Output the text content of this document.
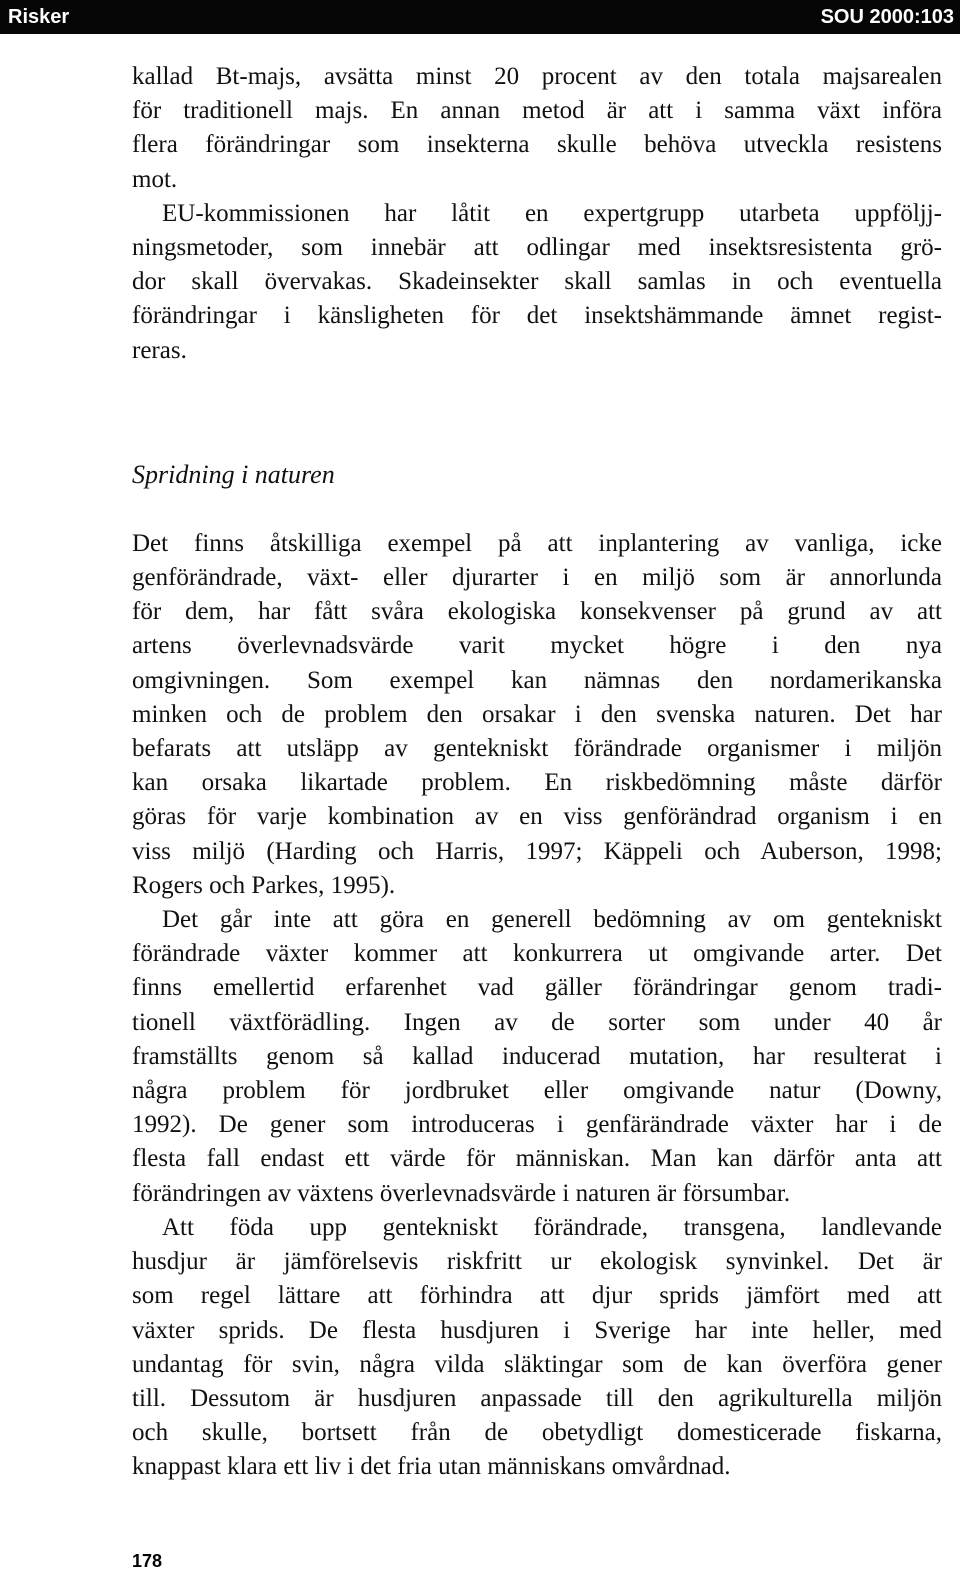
Risker	SOU 2000:103
kallad Bt-majs, avsätta minst 20 procent av den totala majsarealen
för traditionell majs. En annan metod är att i samma växt införa
flera förändringar som insekterna skulle behöva utveckla resistens
mot.
EU-kommissionen har låtit en expertgrupp utarbeta uppföljj-
ningsmetoder, som innebär att odlingar med insektsresistenta grö-
dor skall övervakas. Skadeinsekter skall samlas in och eventuella
förändringar i känsligheten för det insektshämmande ämnet regist-
reras.
Spridning i naturen
Det finns åtskilliga exempel på att inplantering av vanliga, icke
genförändrade, växt- eller djurarter i en miljö som är annorlunda
för dem, har fått svåra ekologiska konsekvenser på grund av att
artens överlevnadsvärde varit mycket högre i den nya
omgivningen. Som exempel kan nämnas den nordamerikanska
minken och de problem den orsakar i den svenska naturen. Det har
befarats att utsläpp av gentekniskt förändrade organismer i miljön
kan orsaka likartade problem. En riskbedömning måste därför
göras för varje kombination av en viss genförändrad organism i en
viss miljö (Harding och Harris, 1997; Käppeli och Auberson, 1998;
Rogers och Parkes, 1995).
Det går inte att göra en generell bedömning av om gentekniskt
förändrade växter kommer att konkurrera ut omgivande arter. Det
finns emellertid erfarenhet vad gäller förändringar genom tradi-
tionell växtförädling. Ingen av de sorter som under 40 år
framställts genom så kallad inducerad mutation, har resulterat i
några problem för jordbruket eller omgivande natur (Downy,
1992). De gener som introduceras i genfärändrade växter har i de
flesta fall endast ett värde för människan. Man kan därför anta att
förändringen av växtens överlevnadsvärde i naturen är försumbar.
Att föda upp gentekniskt förändrade, transgena, landlevande
husdjur är jämförelsevis riskfritt ur ekologisk synvinkel. Det är
som regel lättare att förhindra att djur sprids jämfört med att
växter sprids. De flesta husdjuren i Sverige har inte heller, med
undantag för svin, några vilda släktingar som de kan överföra gener
till. Dessutom är husdjuren anpassade till den agrikulturella miljön
och skulle, bortsett från de obetydligt domesticerade fiskarna,
knappast klara ett liv i det fria utan människans omvårdnad.
178
